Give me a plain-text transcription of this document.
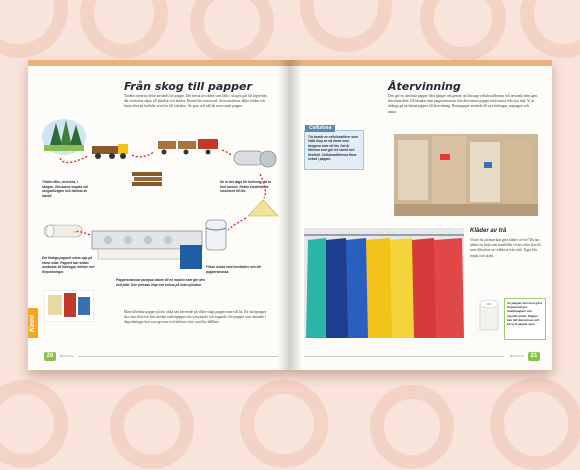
Från skog till papper
Trädens innersta delar används för papper. Det mesta av träden som fälls i skogen går till sågverket, där stockarna sågas till plankor och brädor. Resten blir massaved. Stora maskiner fäller träden och lastar dem på lastbilar som kör till fabriken. Av gran och tall får man starkt papper.
Träden fälls, avverkas, i skogen. Stockarna staplas vid skogsbilvägen och hämtas av lastbil.
Nu är det dags för barkning, att ta bort barken. Sedan sönderdelas stockarna till flis.
Flisen kokas med kemikalier och blir pappersmassa.
Det färdiga pappret rullas upp på stora rullar. Pappret kan sedan användas till tidningar, böcker och förpackningar.
Pappersmassan pumpas vidare till en maskin som gör den helt platt. Den pressas ihop och torkas på heta cylindrar.
Man tillverkar papper på lite olika sätt beroende på vilket slags papper man vill ha. Ett skrivpapper ska vara slätt och fint, medan toalettpapper ska vara mjukt och sugande. Det papper som används i dagstidningar kan vara grovare och behöver inte vara lika hållbart.
Kemi
20	BIOLOGI
Återvinning
Den gör ett använda papper flera gånger om genom att låta upp cellulosafibrerna och använda dem igen, återvinna dem. Då blandar man pappersmassan från återvunnet papper med massa från nya träd. Vi är duktiga på att lämna papper till återvinning. Returpapper används till nya tidningar, toapapper och annat.
Cellulosa
Trä består av cellulosafibrer som hålls ihop av ett ämne som fungerar som ett lim. Det är fibrerna som gör trä starkt och flexibelt. Cellulosafibrerna finns också i papper.
Kläder av trä
Visste du att man kan göra kläder av trä? Du har säkert en tröja som innehåller viskos eller lyocell, som tillverkas av cellulosa från träd. Tyget blir mjukt och skönt.
Av papper kan man göra förpackningar, toalettpapper och mycket annat. Papper kan lätt återvinnas och bli nytt papper igen.
BIOLOGI	21
